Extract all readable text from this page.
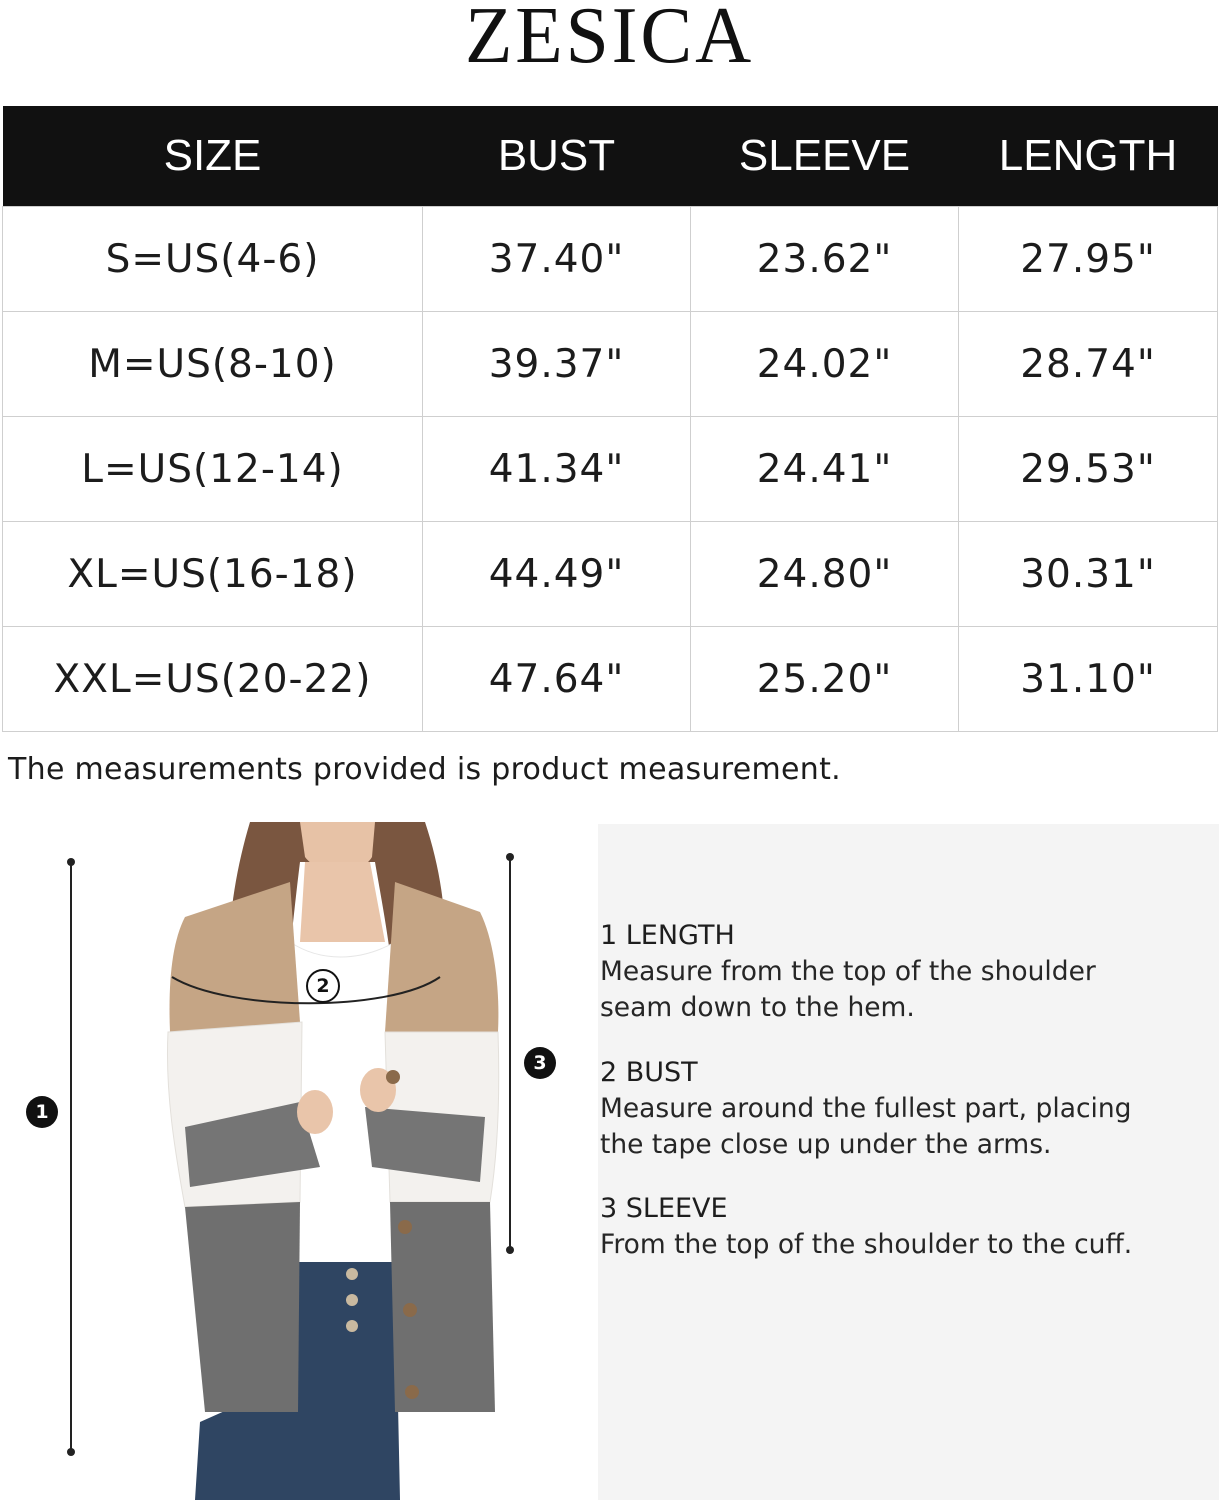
ZESICA
SIZE	BUST	SLEEVE	LENGTH
S=US(4-6)	37.40"	23.62"	27.95"
M=US(8-10)	39.37"	24.02"	28.74"
L=US(12-14)	41.34"	24.41"	29.53"
XL=US(16-18)	44.49"	24.80"	30.31"
XXL=US(20-22)	47.64"	25.20"	31.10"
The measurements provided is product measurement.
1
2
3
1 LENGTH
Measure from the top of the shoulder
seam down to the hem.
2 BUST
Measure around the fullest part, placing
the tape close up under the arms.
3 SLEEVE
From the top of the shoulder to the cuff.
